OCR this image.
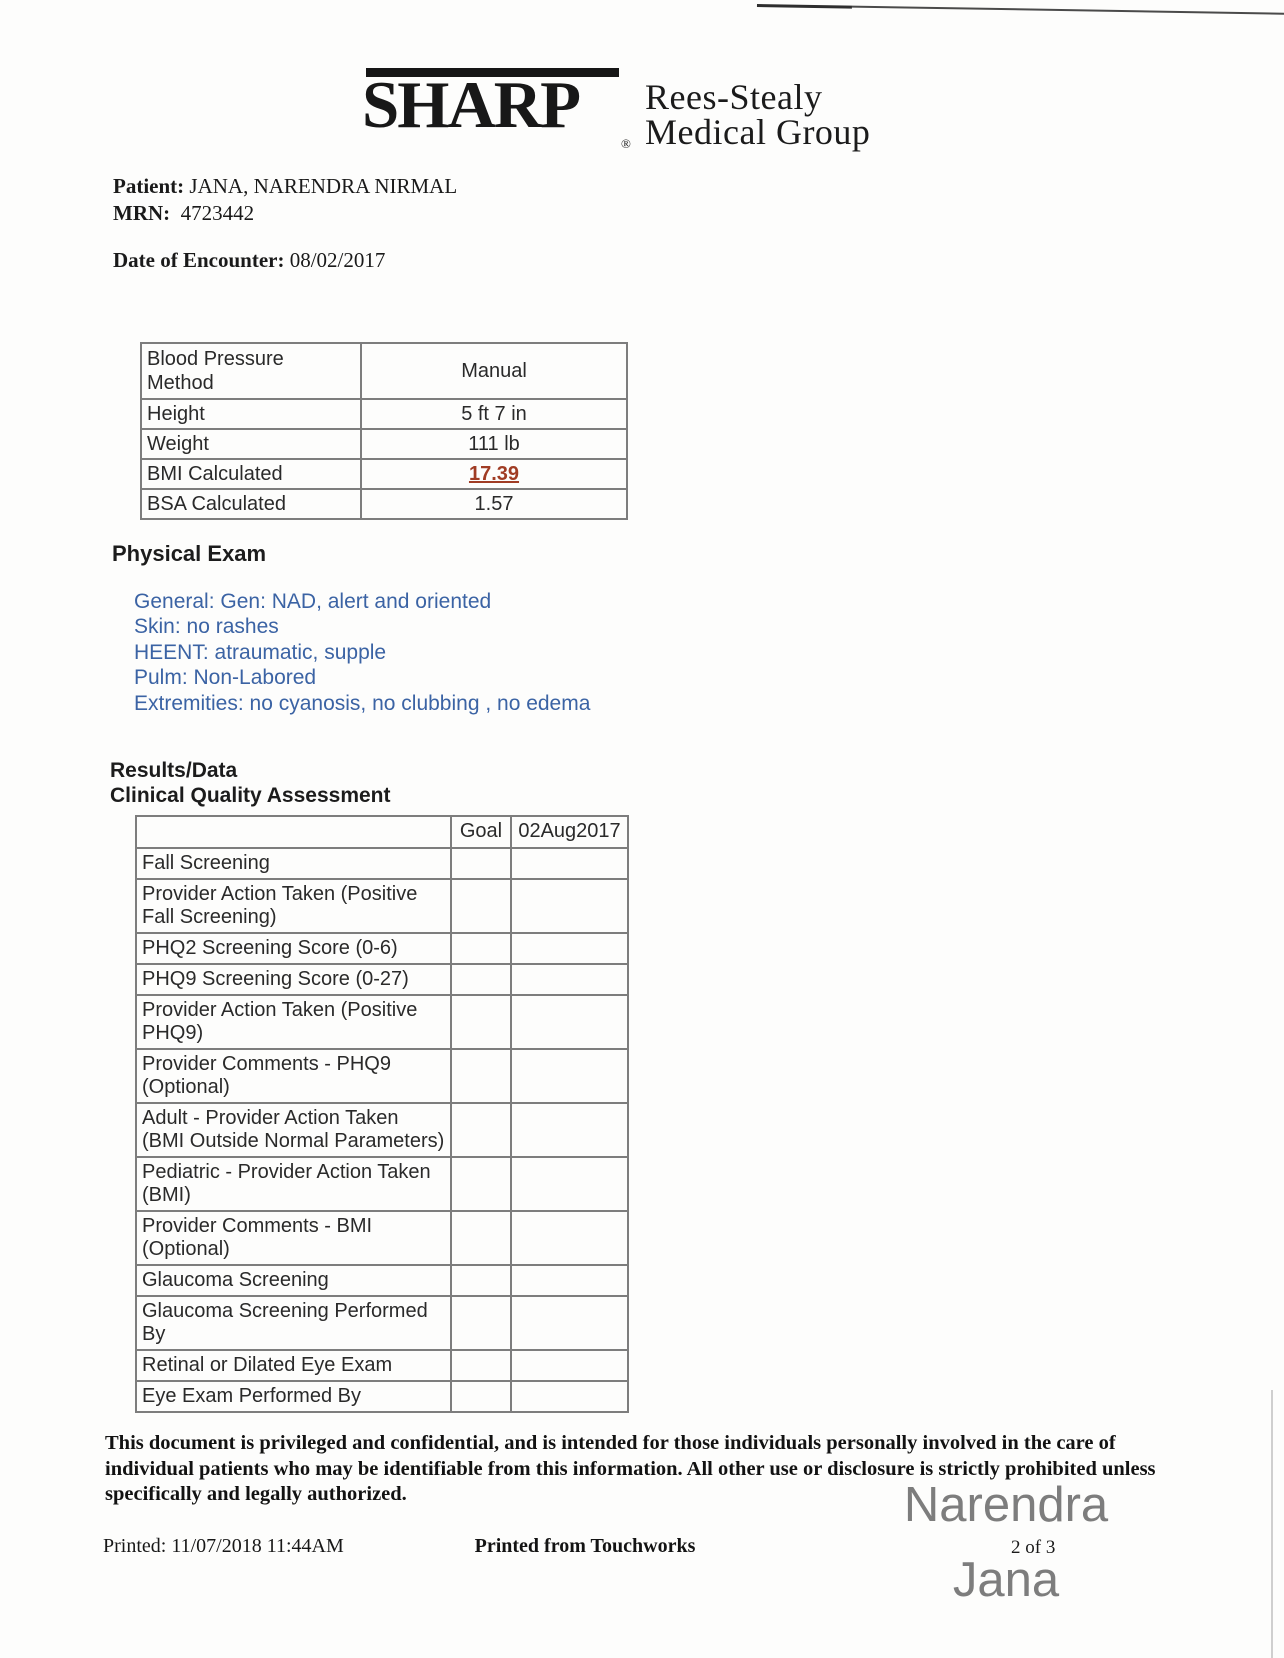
SHARP
®
Rees-Stealy
Medical Group
Patient: JANA, NARENDRA NIRMAL
MRN: 4723442
Date of Encounter: 08/02/2017
Blood Pressure Method	Manual
Height	5 ft 7 in
Weight	111 lb
BMI Calculated	17.39
BSA Calculated	1.57
Physical Exam
General: Gen: NAD, alert and oriented
Skin: no rashes
HEENT: atraumatic, supple
Pulm: Non-Labored
Extremities: no cyanosis, no clubbing , no edema
Results/Data
Clinical Quality Assessment
	Goal	02Aug2017
Fall Screening		
Provider Action Taken (Positive Fall Screening)		
PHQ2 Screening Score (0-6)		
PHQ9 Screening Score (0-27)		
Provider Action Taken (Positive PHQ9)		
Provider Comments - PHQ9 (Optional)		
Adult - Provider Action Taken (BMI Outside Normal Parameters)		
Pediatric - Provider Action Taken (BMI)		
Provider Comments - BMI (Optional)		
Glaucoma Screening		
Glaucoma Screening Performed By		
Retinal or Dilated Eye Exam		
Eye Exam Performed By		
This document is privileged and confidential, and is intended for those individuals personally involved in the care of
individual patients who may be identifiable from this information. All other use or disclosure is strictly prohibited unless
specifically and legally authorized.	Narendra
Jana
Printed: 11/07/2018 11:44AM	Printed from Touchworks	2 of 3
